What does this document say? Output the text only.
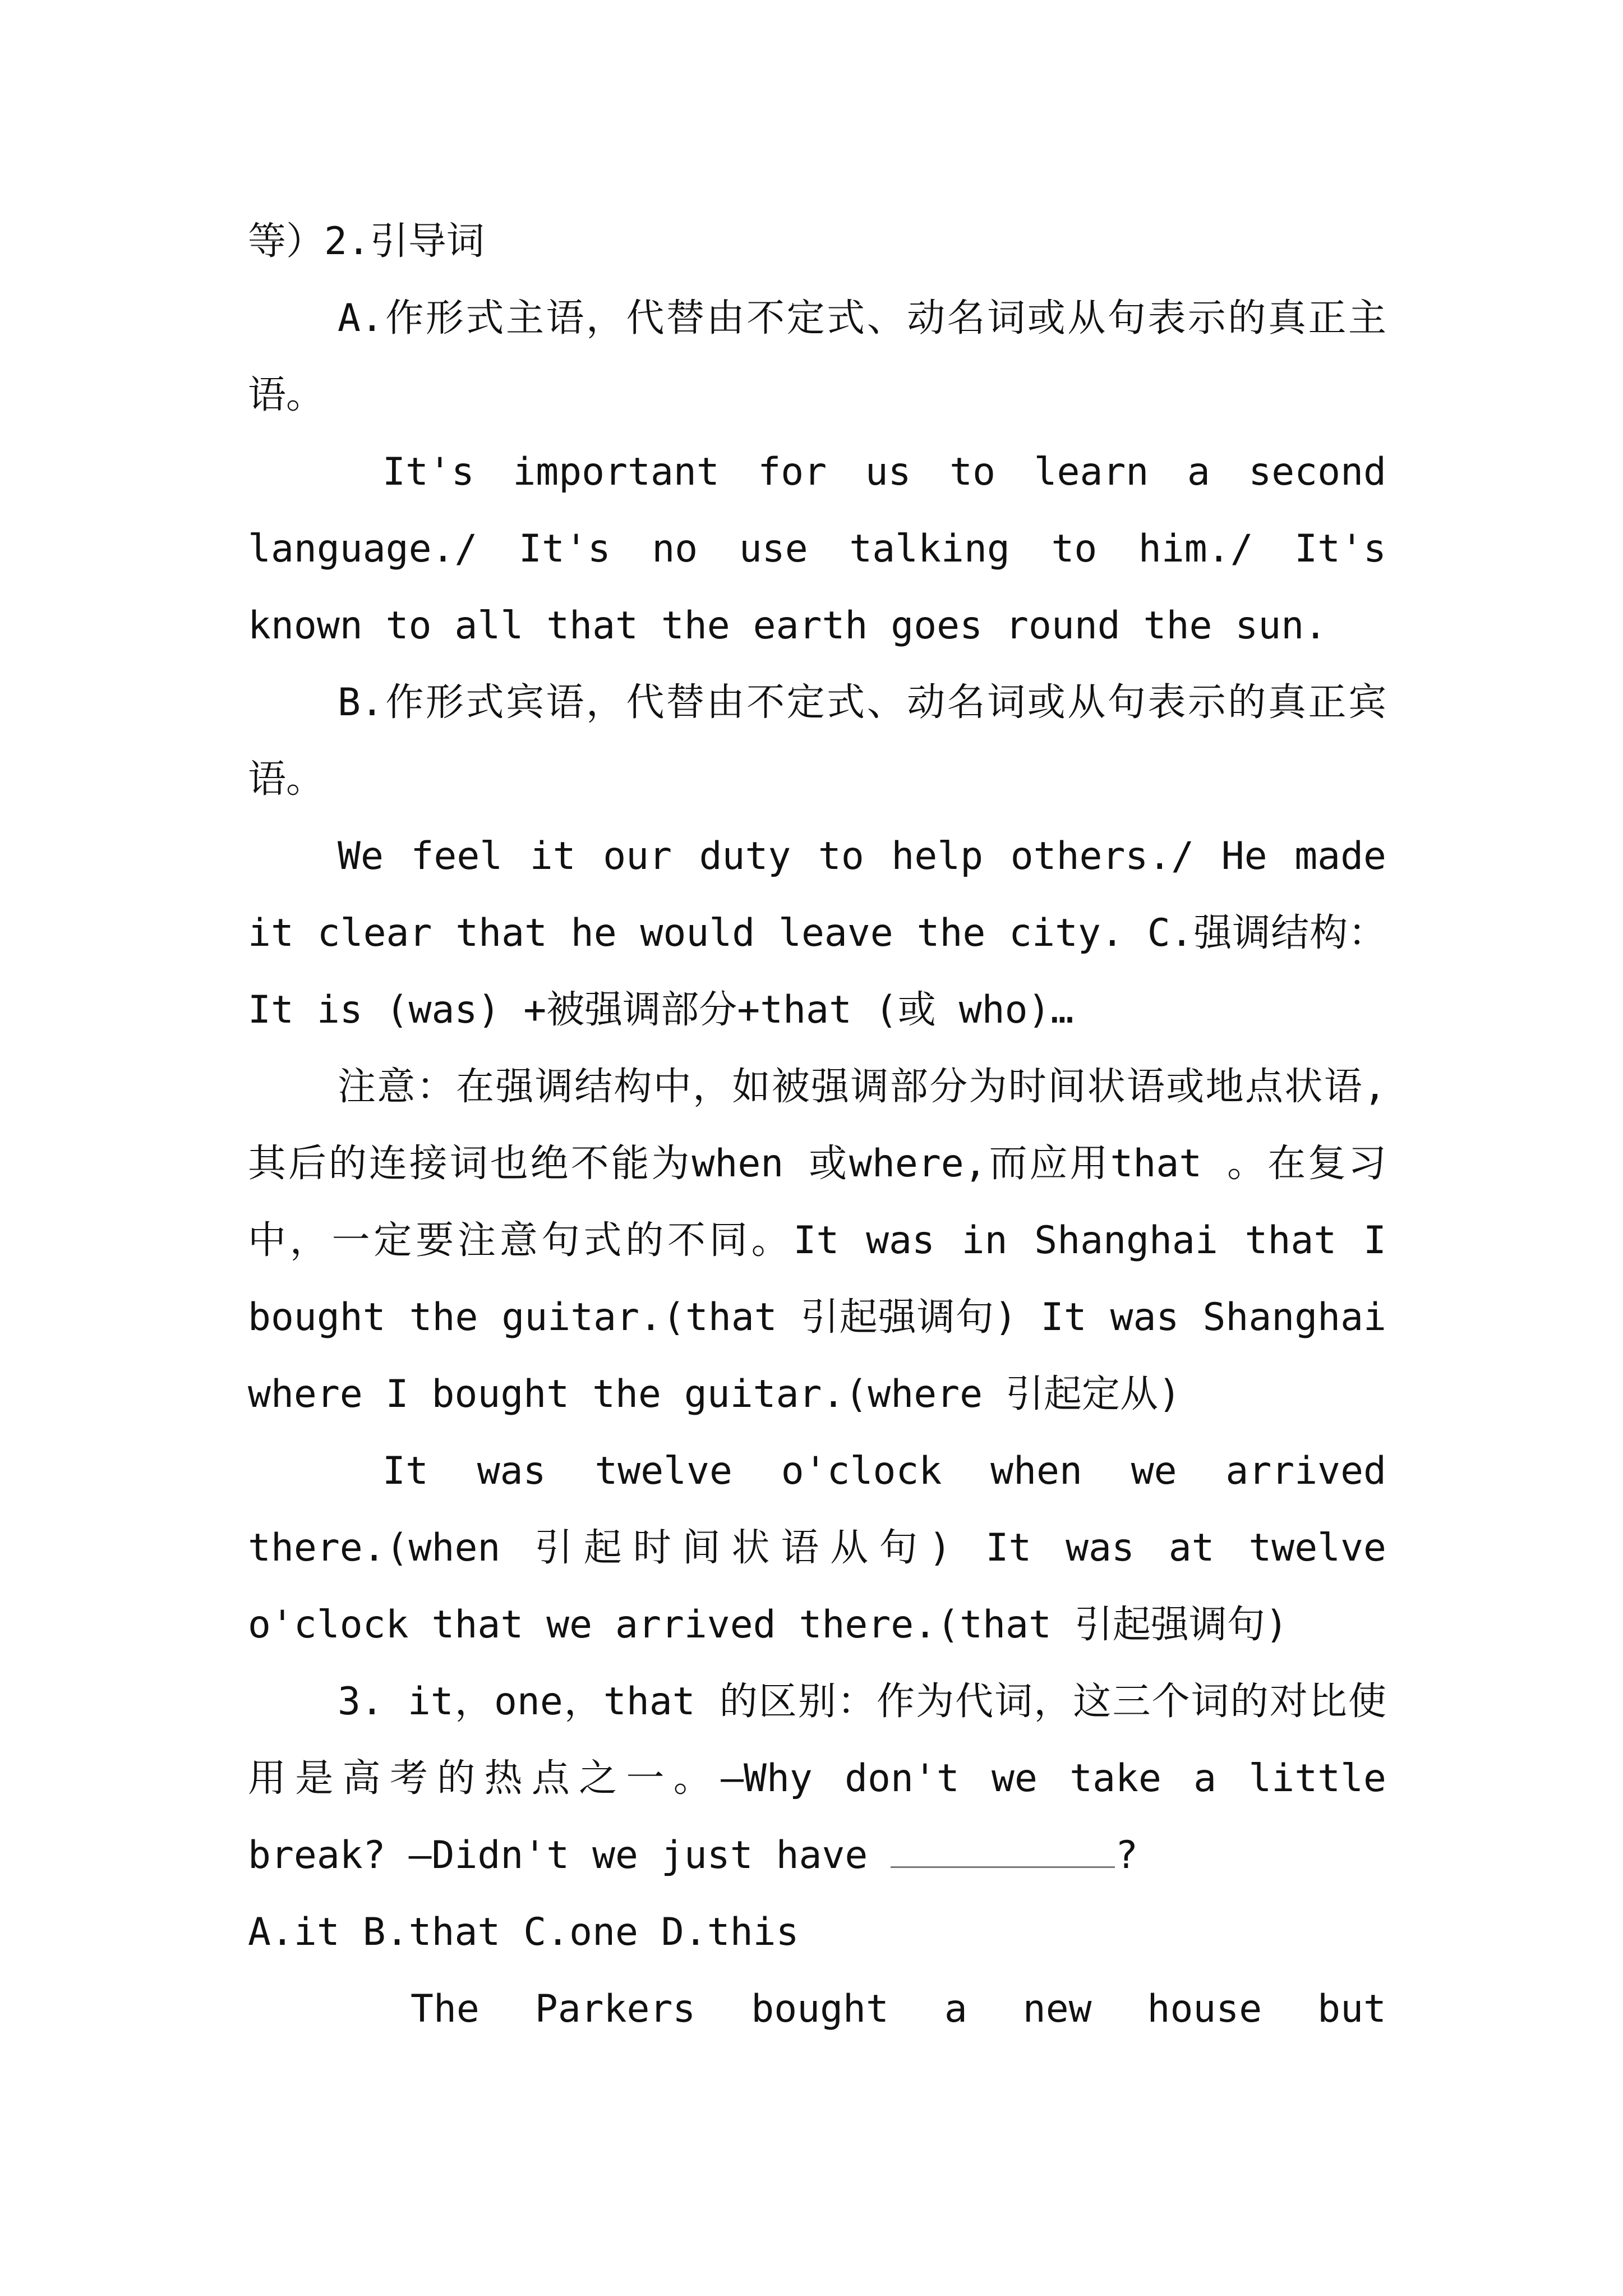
等）2.引导词

A.作形式主语，代替由不定式、动名词或从句表示的真正主语。

It's important for us to learn a second language./ It's no use talking to him./ It's known to all that the earth goes round the sun.

B.作形式宾语，代替由不定式、动名词或从句表示的真正宾语。

We feel it our duty to help others./ He made it clear that he would leave the city. C.强调结构：It is (was) +被强调部分+that (或 who)…

注意：在强调结构中，如被强调部分为时间状语或地点状语,其后的连接词也绝不能为when 或where,而应用that 。在复习中，一定要注意句式的不同。It was in Shanghai that I bought the guitar.(that 引起强调句) It was Shanghai where I bought the guitar.(where 引起定从)

It was twelve o'clock when we arrived there.(when 引起时间状语从句) It was at twelve o'clock that we arrived there.(that 引起强调句)

3. it，one，that 的区别：作为代词，这三个词的对比使用是高考的热点之一。—Why don't we take a little break? —Didn't we just have	?

A.it B.that C.one D.this

The Parkers bought a new house but
